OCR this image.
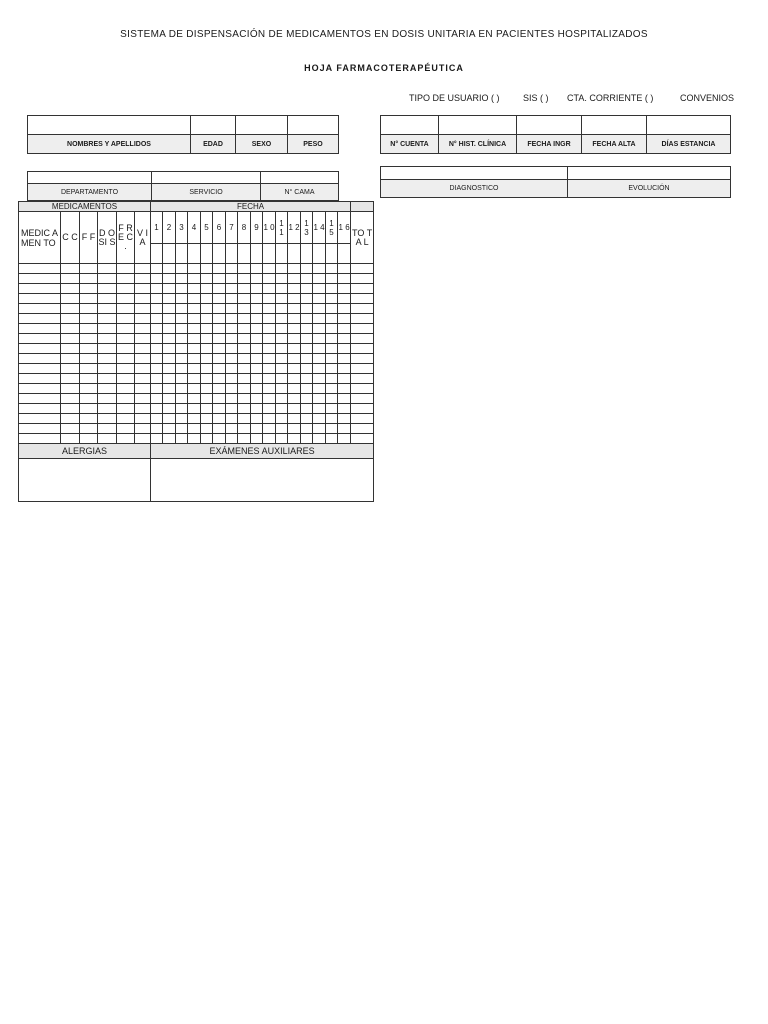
SISTEMA DE DISPENSACIÓN DE MEDICAMENTOS EN DOSIS UNITARIA EN PACIENTES HOSPITALIZADOS
HOJA FARMACOTERAPÉUTICA
TIPO DE USUARIO ( )	SIS ( ) CTA. CORRIENTE ( )	CONVENIOS

NOMBRES Y APELLIDOS	EDAD	SEXO	PESO
					N° CUENTA	N° HIST. CLÍNICA	FECHA INGR	FECHA ALTA	DÍAS ESTANCIA

DEPARTAMENTO	SERVICIO	N° CAMA
		DIAGNOSTICO	EVOLUCIÓN
MEDICAMENTOS						FECHA																
MEDIC AMEN TO	C C	F F	D O SI S	F R E C .	V I A	1	2	3	4	5	6	7	8	9	1 0	1 1	1 2	1 3	1 4	1 5	1 6	TO TA L

ALERGIAS						EXÁMENES AUXILIARES																
